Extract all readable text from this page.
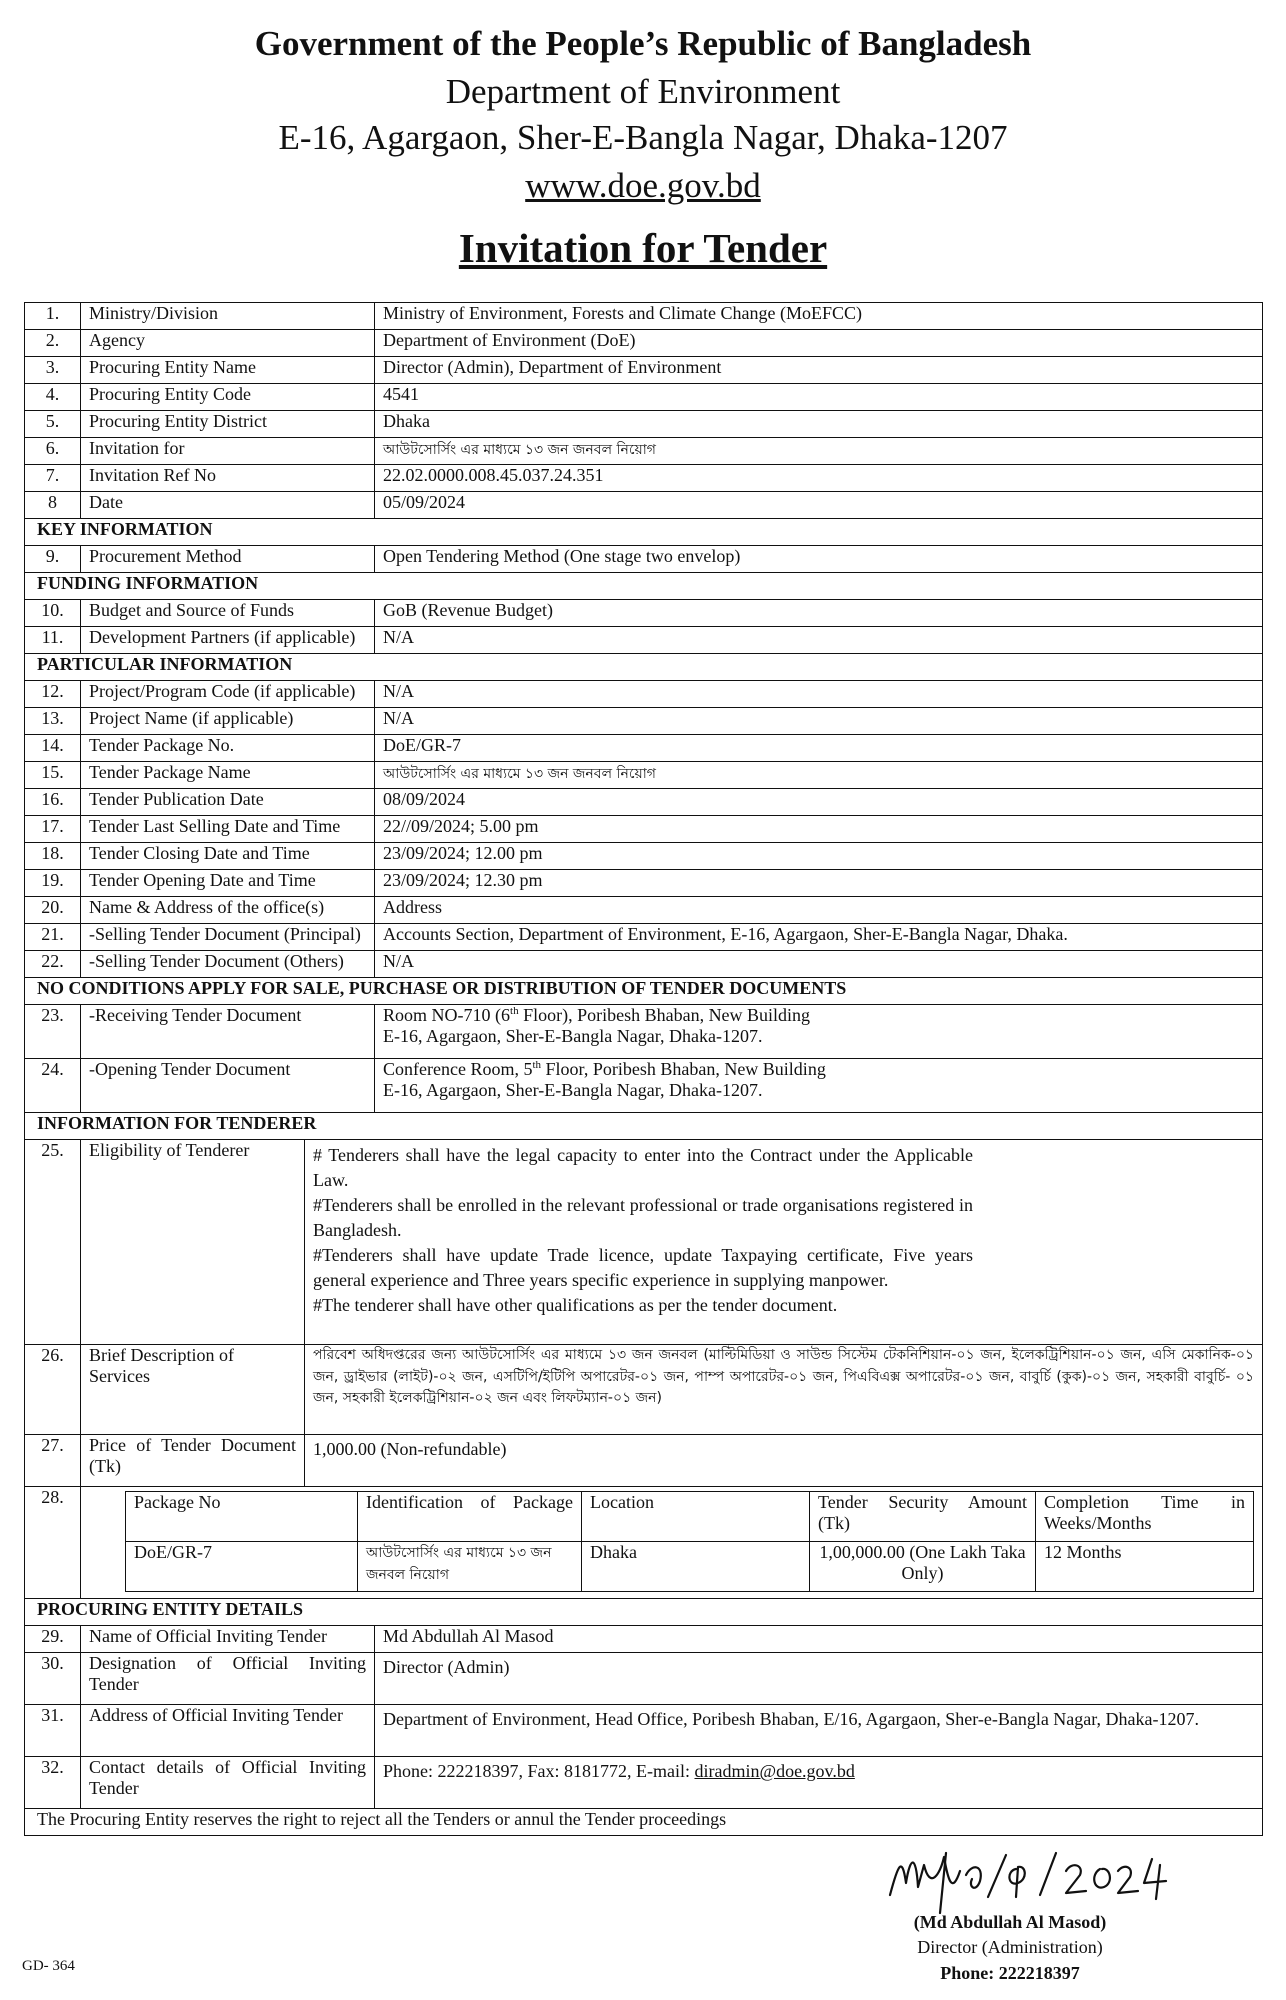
Government of the People’s Republic of Bangladesh
Department of Environment
E-16, Agargaon, Sher-E-Bangla Nagar, Dhaka-1207
www.doe.gov.bd
Invitation for Tender
1.	Ministry/Division	Ministry of Environment, Forests and Climate Change (MoEFCC)
2.	Agency	Department of Environment (DoE)
3.	Procuring Entity Name	Director (Admin), Department of Environment
4.	Procuring Entity Code	4541
5.	Procuring Entity District	Dhaka
6.	Invitation for	আউটসোর্সিং এর মাধ্যমে ১৩ জন জনবল নিয়োগ
7.	Invitation Ref No	22.02.0000.008.45.037.24.351
8	Date	05/09/2024
KEY INFORMATION
9.	Procurement Method	Open Tendering Method (One stage two envelop)
FUNDING INFORMATION
10.	Budget and Source of Funds	GoB (Revenue Budget)
11.	Development Partners (if applicable)	N/A
PARTICULAR INFORMATION
12.	Project/Program Code (if applicable)	N/A
13.	Project Name (if applicable)	N/A
14.	Tender Package No.	DoE/GR-7
15.	Tender Package Name	আউটসোর্সিং এর মাধ্যমে ১৩ জন জনবল নিয়োগ
16.	Tender Publication Date	08/09/2024
17.	Tender Last Selling Date and Time	22//09/2024; 5.00 pm
18.	Tender Closing Date and Time	23/09/2024; 12.00 pm
19.	Tender Opening Date and Time	23/09/2024; 12.30 pm
20.	Name & Address of the office(s)	Address
21.	-Selling Tender Document (Principal)	Accounts Section, Department of Environment, E-16, Agargaon, Sher-E-Bangla Nagar, Dhaka.
22.	-Selling Tender Document (Others)	N/A
NO CONDITIONS APPLY FOR SALE, PURCHASE OR DISTRIBUTION OF TENDER DOCUMENTS
23.	-Receiving Tender Document	Room NO-710 (6th Floor), Poribesh Bhaban, New Building
E-16, Agargaon, Sher-E-Bangla Nagar, Dhaka-1207.

24.	-Opening Tender Document	Conference Room, 5th Floor, Poribesh Bhaban, New Building
E-16, Agargaon, Sher-E-Bangla Nagar, Dhaka-1207.

INFORMATION FOR TENDERER
25.	Eligibility of Tenderer	# Tenderers shall have the legal capacity to enter into the Contract under the Applicable Law.
#Tenderers shall be enrolled in the relevant professional or trade organisations registered in Bangladesh.
#Tenderers shall have update Trade licence, update Taxpaying certificate, Five years general experience and Three years specific experience in supplying manpower.
#The tenderer shall have other qualifications as per the tender document.

26.	Brief Description of Services	পরিবেশ অধিদপ্তরের জন্য আউটসোর্সিং এর মাধ্যমে ১৩ জন জনবল (মাল্টিমিডিয়া ও সাউন্ড সিস্টেম টেকনিশিয়ান-০১ জন, ইলেকট্রিশিয়ান-০১ জন, এসি মেকানিক-০১ জন, ড্রাইভার (লাইট)-০২ জন, এসটিপি/ইটিপি অপারেটর-০১ জন, পাম্প অপারেটর-০১ জন, পিএবিএক্স অপারেটর-০১ জন, বাবুর্চি (কুক)-০১ জন, সহকারী বাবুর্চি- ০১ জন, সহকারী ইলেকট্রিশিয়ান-০২ জন এবং লিফটম্যান-০১ জন)
27.	Price of Tender Document (Tk)	1,000.00 (Non-refundable)
28.		Package No	Identification of Package	Location	Tender Security Amount (Tk)	Completion Time in Weeks/Months
DoE/GR-7	আউটসোর্সিং এর মাধ্যমে ১৩ জন জনবল নিয়োগ	Dhaka	1,00,000.00 (One Lakh Taka Only)	12 Months

PROCURING ENTITY DETAILS
29.	Name of Official Inviting Tender	Md Abdullah Al Masod
30.	Designation of Official Inviting Tender	Director (Admin)
31.	Address of Official Inviting Tender	Department of Environment, Head Office, Poribesh Bhaban, E/16, Agargaon, Sher-e-Bangla Nagar, Dhaka-1207.
32.	Contact details of Official Inviting Tender	Phone: 222218397, Fax: 8181772, E-mail: diradmin@doe.gov.bd
The Procuring Entity reserves the right to reject all the Tenders or annul the Tender proceedings
(Md Abdullah Al Masod)
Director (Administration)
Phone: 222218397
GD- 364
